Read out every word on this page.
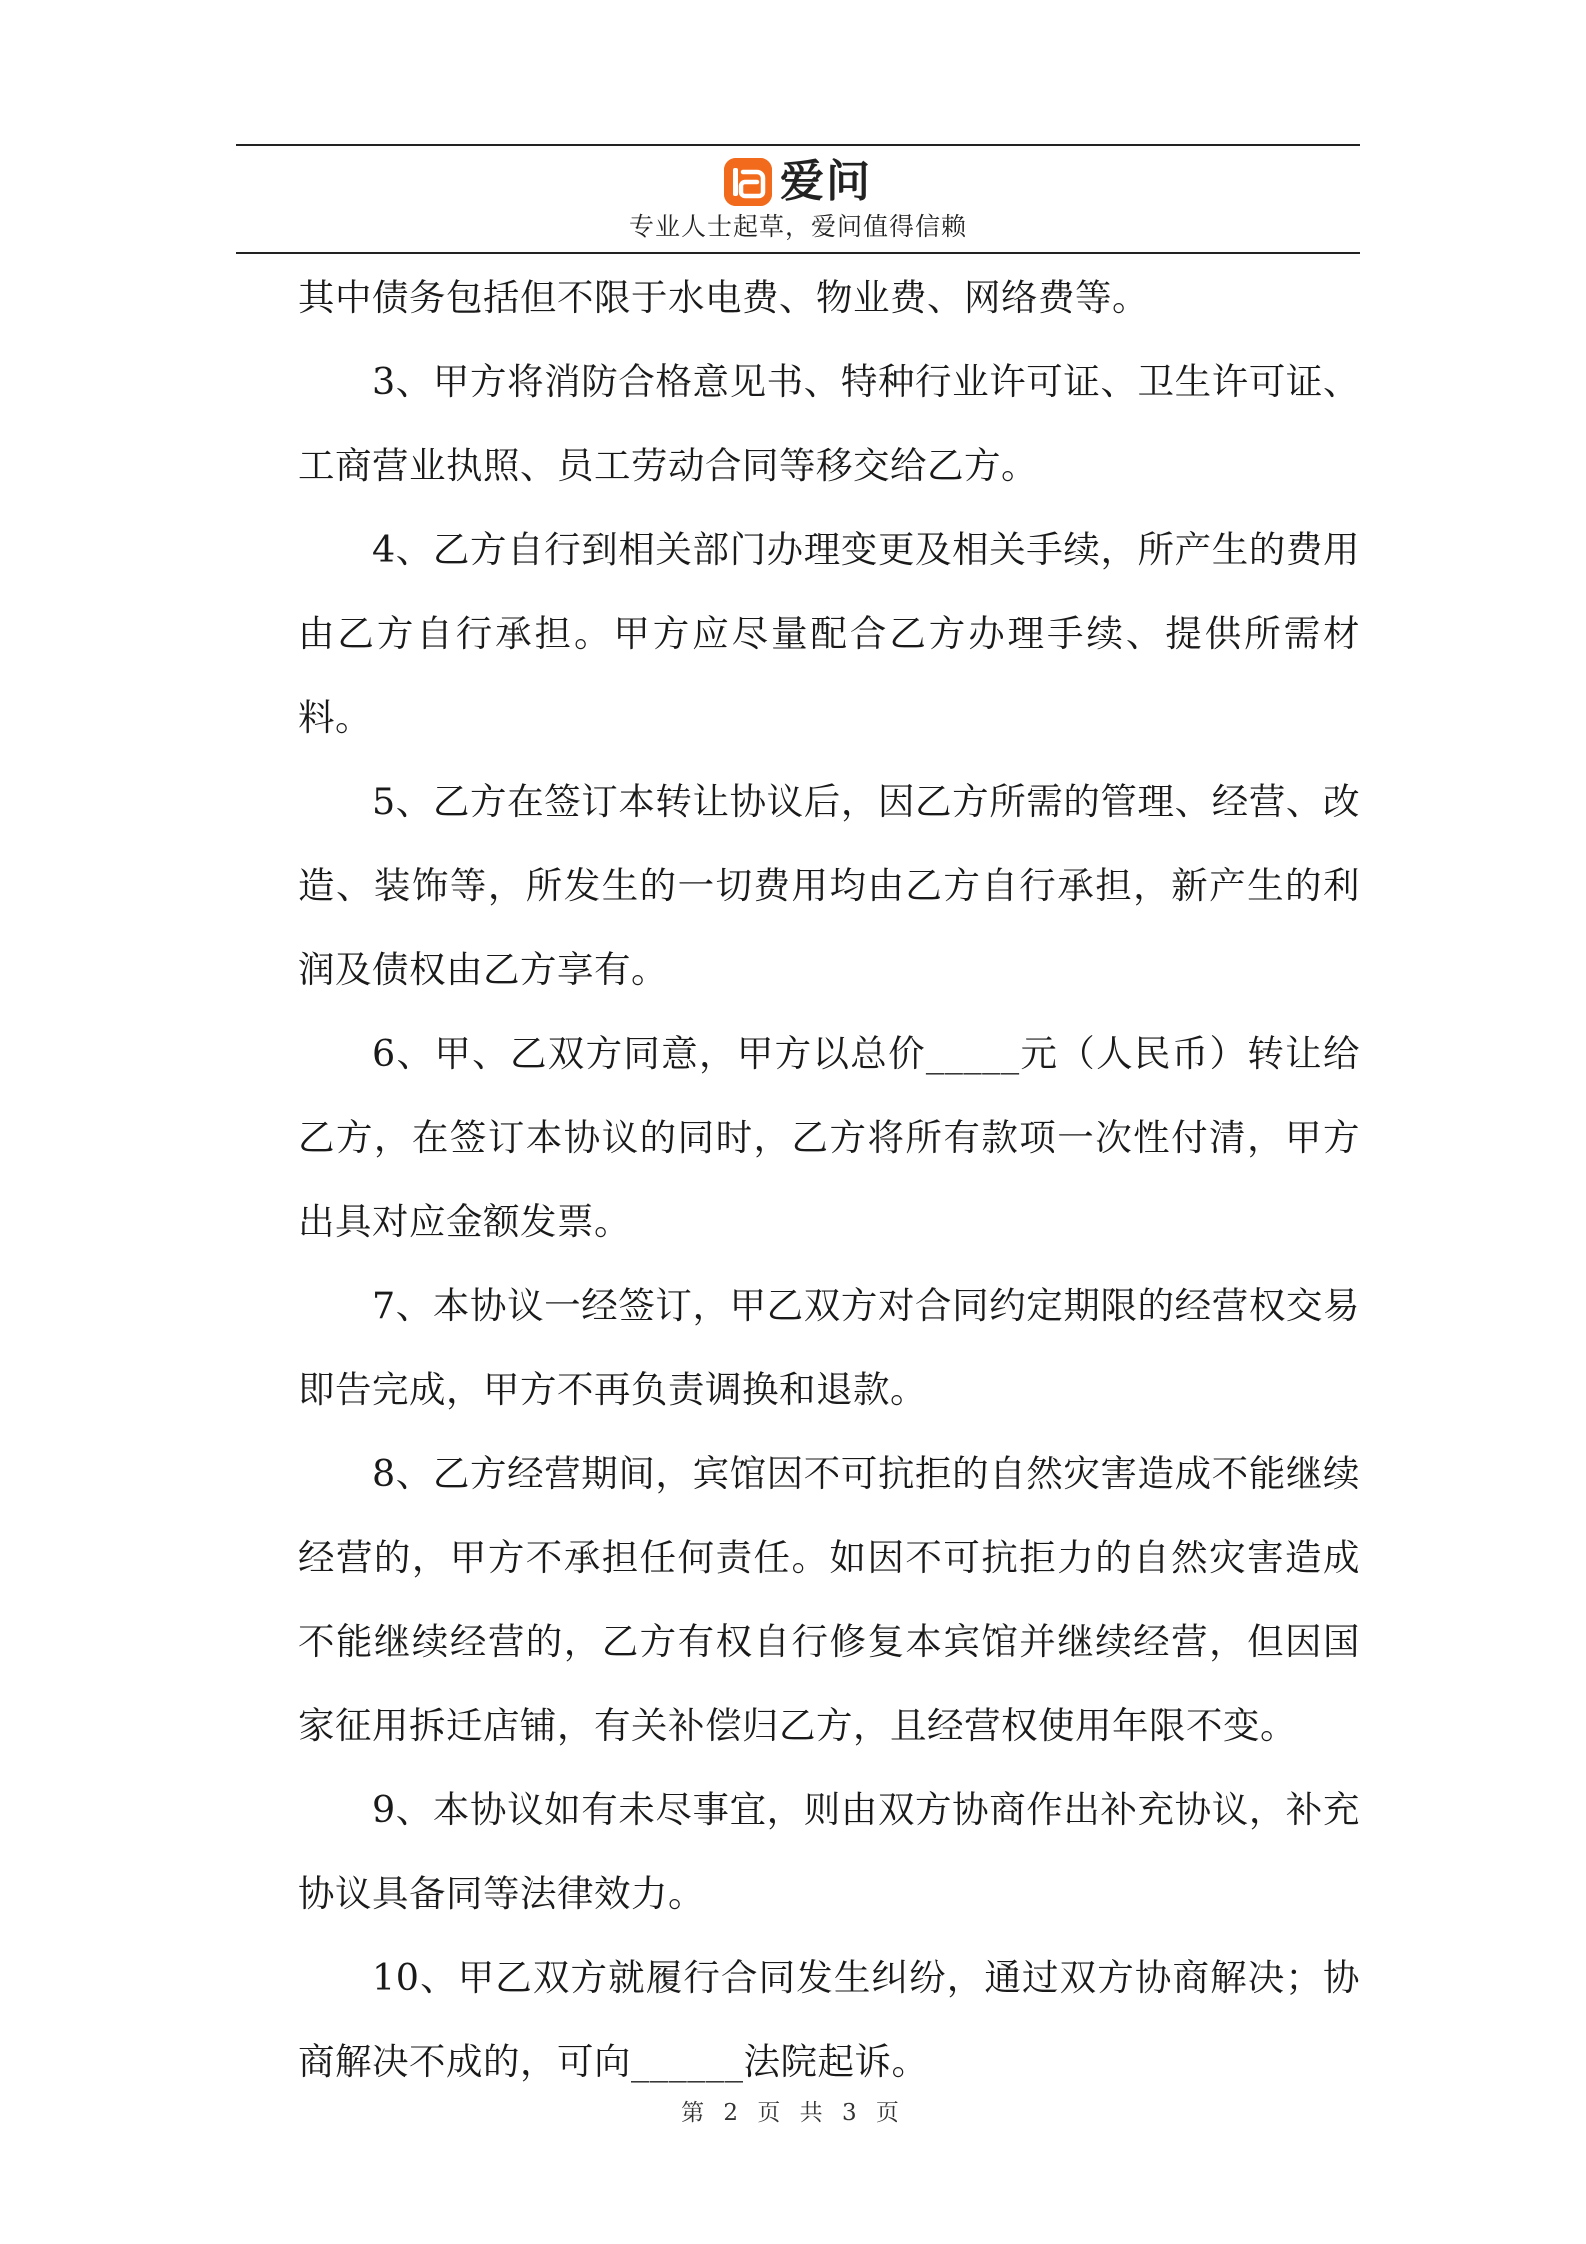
爱问
专业人士起草，爱问值得信赖

其中债务包括但不限于水电费、物业费、网络费等。

3、甲方将消防合格意见书、特种行业许可证、卫生许可证、工商营业执照、员工劳动合同等移交给乙方。

4、乙方自行到相关部门办理变更及相关手续，所产生的费用由乙方自行承担。甲方应尽量配合乙方办理手续、提供所需材料。

5、乙方在签订本转让协议后，因乙方所需的管理、经营、改造、装饰等，所发生的一切费用均由乙方自行承担，新产生的利润及债权由乙方享有。

6、甲、乙双方同意，甲方以总价_____元（人民币）转让给乙方，在签订本协议的同时，乙方将所有款项一次性付清，甲方出具对应金额发票。

7、本协议一经签订，甲乙双方对合同约定期限的经营权交易即告完成，甲方不再负责调换和退款。

8、乙方经营期间，宾馆因不可抗拒的自然灾害造成不能继续经营的，甲方不承担任何责任。如因不可抗拒力的自然灾害造成不能继续经营的，乙方有权自行修复本宾馆并继续经营，但因国家征用拆迁店铺，有关补偿归乙方，且经营权使用年限不变。

9、本协议如有未尽事宜，则由双方协商作出补充协议，补充协议具备同等法律效力。

10、甲乙双方就履行合同发生纠纷，通过双方协商解决；协商解决不成的，可向______法院起诉。

第 2 页 共 3 页
